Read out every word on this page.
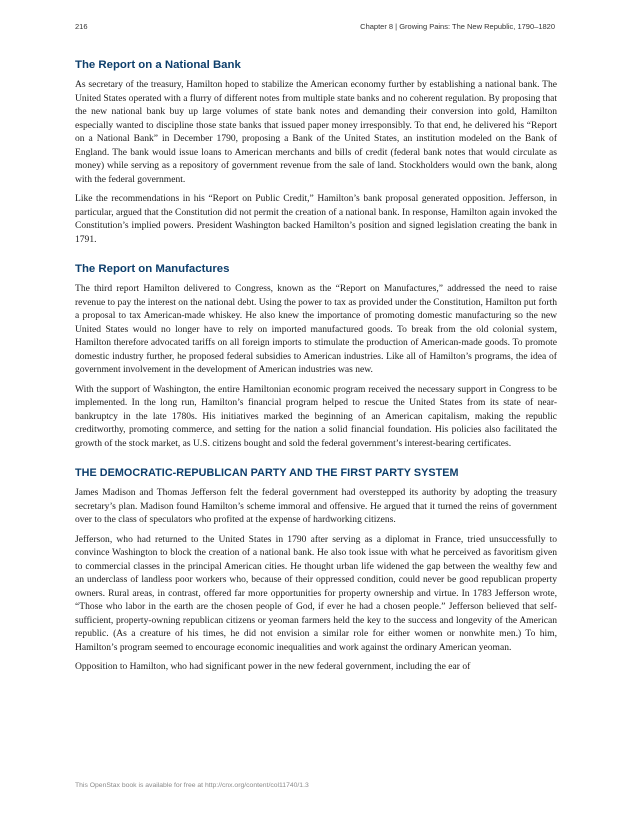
216	Chapter 8 | Growing Pains: The New Republic, 1790–1820
The Report on a National Bank

As secretary of the treasury, Hamilton hoped to stabilize the American economy further by establishing a national bank. The United States operated with a flurry of different notes from multiple state banks and no coherent regulation. By proposing that the new national bank buy up large volumes of state bank notes and demanding their conversion into gold, Hamilton especially wanted to discipline those state banks that issued paper money irresponsibly. To that end, he delivered his “Report on a National Bank” in December 1790, proposing a Bank of the United States, an institution modeled on the Bank of England. The bank would issue loans to American merchants and bills of credit (federal bank notes that would circulate as money) while serving as a repository of government revenue from the sale of land. Stockholders would own the bank, along with the federal government.

Like the recommendations in his “Report on Public Credit,” Hamilton’s bank proposal generated opposition. Jefferson, in particular, argued that the Constitution did not permit the creation of a national bank. In response, Hamilton again invoked the Constitution’s implied powers. President Washington backed Hamilton’s position and signed legislation creating the bank in 1791.

The Report on Manufactures

The third report Hamilton delivered to Congress, known as the “Report on Manufactures,” addressed the need to raise revenue to pay the interest on the national debt. Using the power to tax as provided under the Constitution, Hamilton put forth a proposal to tax American-made whiskey. He also knew the importance of promoting domestic manufacturing so the new United States would no longer have to rely on imported manufactured goods. To break from the old colonial system, Hamilton therefore advocated tariffs on all foreign imports to stimulate the production of American-made goods. To promote domestic industry further, he proposed federal subsidies to American industries. Like all of Hamilton’s programs, the idea of government involvement in the development of American industries was new.

With the support of Washington, the entire Hamiltonian economic program received the necessary support in Congress to be implemented. In the long run, Hamilton’s financial program helped to rescue the United States from its state of near-bankruptcy in the late 1780s. His initiatives marked the beginning of an American capitalism, making the republic creditworthy, promoting commerce, and setting for the nation a solid financial foundation. His policies also facilitated the growth of the stock market, as U.S. citizens bought and sold the federal government’s interest-bearing certificates.

THE DEMOCRATIC-REPUBLICAN PARTY AND THE FIRST PARTY SYSTEM

James Madison and Thomas Jefferson felt the federal government had overstepped its authority by adopting the treasury secretary’s plan. Madison found Hamilton’s scheme immoral and offensive. He argued that it turned the reins of government over to the class of speculators who profited at the expense of hardworking citizens.

Jefferson, who had returned to the United States in 1790 after serving as a diplomat in France, tried unsuccessfully to convince Washington to block the creation of a national bank. He also took issue with what he perceived as favoritism given to commercial classes in the principal American cities. He thought urban life widened the gap between the wealthy few and an underclass of landless poor workers who, because of their oppressed condition, could never be good republican property owners. Rural areas, in contrast, offered far more opportunities for property ownership and virtue. In 1783 Jefferson wrote, “Those who labor in the earth are the chosen people of God, if ever he had a chosen people.” Jefferson believed that self-sufficient, property-owning republican citizens or yeoman farmers held the key to the success and longevity of the American republic. (As a creature of his times, he did not envision a similar role for either women or nonwhite men.) To him, Hamilton’s program seemed to encourage economic inequalities and work against the ordinary American yeoman.

Opposition to Hamilton, who had significant power in the new federal government, including the ear of

This OpenStax book is available for free at http://cnx.org/content/col11740/1.3
